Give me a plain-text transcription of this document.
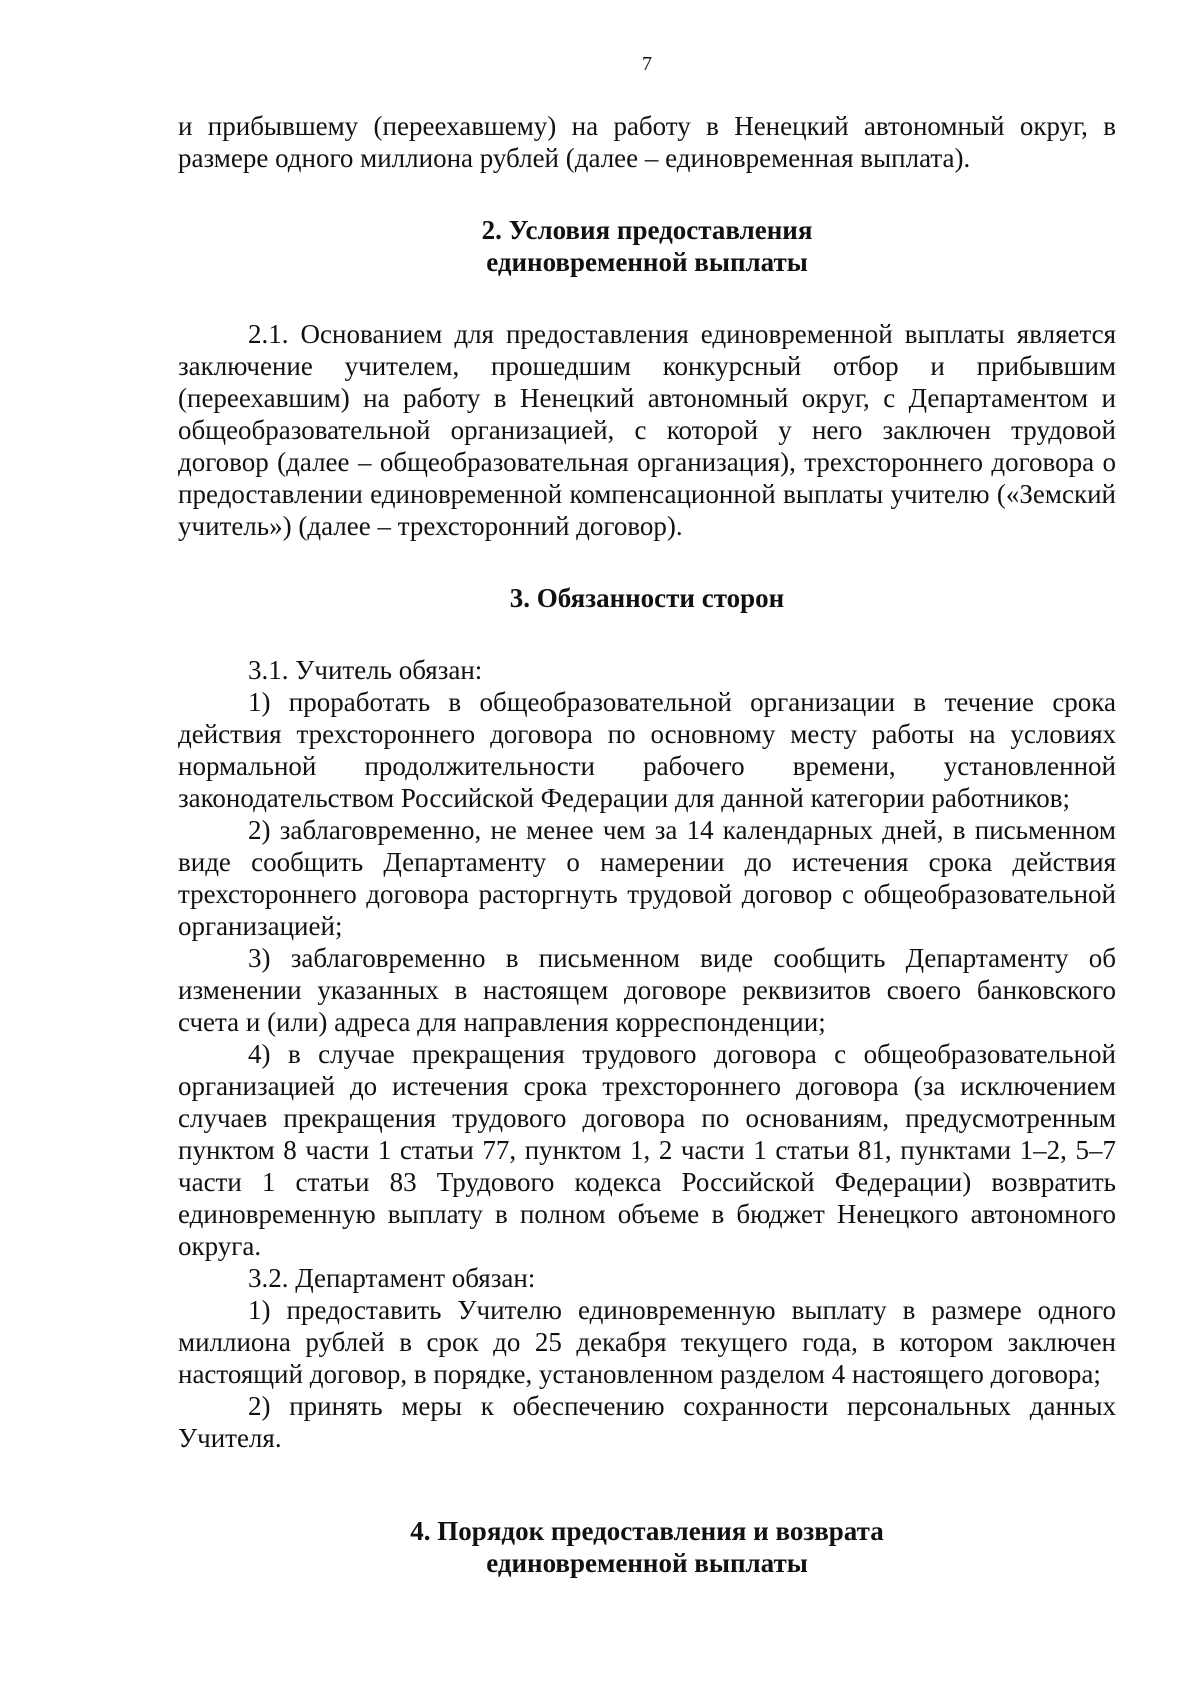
7

и прибывшему (переехавшему) на работу в Ненецкий автономный округ, в размере одного миллиона рублей (далее – единовременная выплата).

2. Условия предоставления
единовременной выплаты

2.1. Основанием для предоставления единовременной выплаты является заключение учителем, прошедшим конкурсный отбор и прибывшим (переехавшим) на работу в Ненецкий автономный округ, с Департаментом и общеобразовательной организацией, с которой у него заключен трудовой договор (далее – общеобразовательная организация), трехстороннего договора о предоставлении единовременной компенсационной выплаты учителю («Земский учитель») (далее – трехсторонний договор).

3. Обязанности сторон

3.1. Учитель обязан:

1) проработать в общеобразовательной организации в течение срока действия трехстороннего договора по основному месту работы на условиях нормальной продолжительности рабочего времени, установленной законодательством Российской Федерации для данной категории работников;

2) заблаговременно, не менее чем за 14 календарных дней, в письменном виде сообщить Департаменту о намерении до истечения срока действия трехстороннего договора расторгнуть трудовой договор с общеобразовательной организацией;

3) заблаговременно в письменном виде сообщить Департаменту об изменении указанных в настоящем договоре реквизитов своего банковского счета и (или) адреса для направления корреспонденции;

4) в случае прекращения трудового договора с общеобразовательной организацией до истечения срока трехстороннего договора (за исключением случаев прекращения трудового договора по основаниям, предусмотренным пунктом 8 части 1 статьи 77, пунктом 1, 2 части 1 статьи 81, пунктами 1–2, 5–7 части 1 статьи 83 Трудового кодекса Российской Федерации) возвратить единовременную выплату в полном объеме в бюджет Ненецкого автономного округа.

3.2. Департамент обязан:

1) предоставить Учителю единовременную выплату в размере одного миллиона рублей в срок до 25 декабря текущего года, в котором заключен настоящий договор, в порядке, установленном разделом 4 настоящего договора;

2) принять меры к обеспечению сохранности персональных данных Учителя.

4. Порядок предоставления и возврата
единовременной выплаты
